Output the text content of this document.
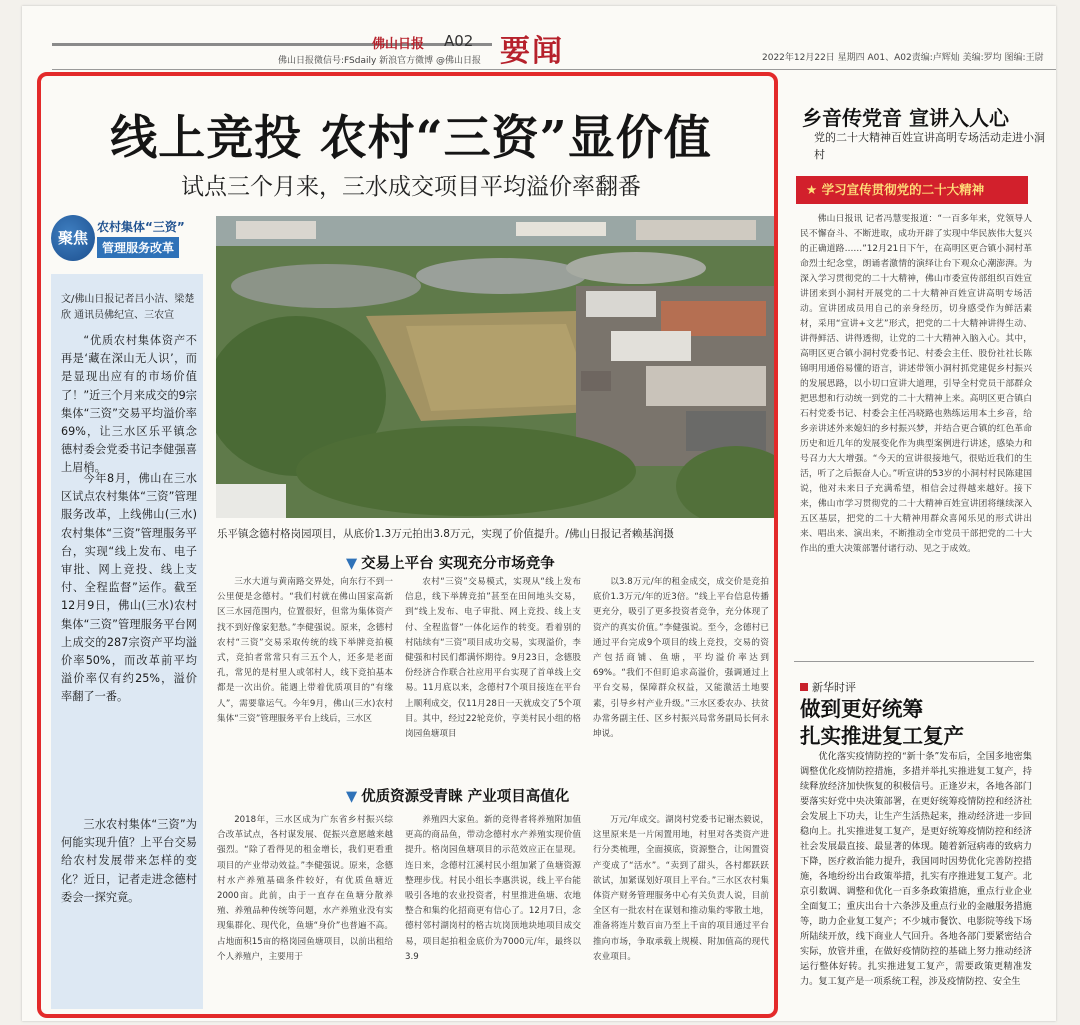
佛山日报 A02
佛山日报微信号:FSdaily 新浪官方微博 @佛山日报 要闻	2022年12月22日 星期四 A01、A02责编:卢辉灿 美编:罗均 图编:王尉
线上竞投 农村“三资”显价值
试点三个月来，三水成交项目平均溢价率翻番
聚焦
农村集体“三资”
管理服务改革
文/佛山日报记者吕小洁、梁楚欣 通讯员佛纪宣、三农宣
“优质农村集体资产不再是‘藏在深山无人识’，而是显现出应有的市场价值了！”近三个月来成交的9宗集体“三资”交易平均溢价率69%，让三水区乐平镇念德村委会党委书记李健强喜上眉梢。
今年8月，佛山在三水区试点农村集体“三资”管理服务改革，上线佛山(三水)农村集体“三资”管理服务平台，实现“线上发布、电子审批、网上竞投、线上支付、全程监督”运作。截至12月9日，佛山(三水)农村集体“三资”管理服务平台网上成交的287宗资产平均溢价率50%，而改革前平均溢价率仅有约25%，溢价率翻了一番。
三水农村集体“三资”为何能实现升值？上平台交易给农村发展带来怎样的变化？近日，记者走进念德村委会一探究竟。
乐平镇念德村格岗园项目，从底价1.3万元拍出3.8万元，实现了价值提升。/佛山日报记者赖基润摄
▼ 交易上平台 实现充分市场竞争
三水大道与黄南路交界处，向东行不到一公里便是念德村。“我们村就在佛山国家高新区三水园范围内，位置很好，但常为集体资产找不到好像家犯愁。”李健强说。原来，念德村农村“三资”交易采取传统的线下举牌竞拍模式，竞拍者常常只有三五个人，还多是老面孔，常见的是村里人或邻村人，线下竞拍基本都是一次出价。能遇上带着优质项目的“有缘人”，需要靠运气。今年9月，佛山(三水)农村集体“三资”管理服务平台上线后，三水区
农村“三资”交易模式，实现从“线上发布信息，线下举牌竞拍”甚至在田间地头交易，到“线上发布、电子审批、网上竞投、线上支付、全程监督”一体化运作的转变。看着别的村陆续有“三资”项目成功交易，实现溢价，李健强和村民们都满怀期待。9月23日，念德股份经济合作联合社应用平台实现了首单线上交易。11月底以来，念德村7个项目接连在平台上顺利成交，仅11月28日一天就成交了5个项目。其中，经过22轮竞价，亨美村民小组的格岗园鱼塘项目
以3.8万元/年的租金成交，成交价是竞拍底价1.3万元/年的近3倍。“线上平台信息传播更充分，吸引了更多投资者竞争，充分体现了资产的真实价值。”李健强说。至今，念德村已通过平台完成9个项目的线上竞投，交易的资产包括商铺、鱼塘，平均溢价率达到69%。“我们不但盯追求高溢价，强调通过上平台交易，保障群众权益，又能激活土地要素，引导乡村产业升级。”三水区委农办、扶贫办常务副主任、区乡村振兴局常务副局长何永坤说。
▼ 优质资源受青睐 产业项目高值化
2018年，三水区成为广东省乡村振兴综合改革试点，各村谋发展、促振兴意愿越来越强烈。“除了看得见的租金增长，我们更看重项目的产业带动效益。”李健强说。原来，念德村水产养殖基础条件较好，有优质鱼塘近2000亩。此前，由于一直存在鱼塘分散养殖、养殖品种传统等问题，水产养殖业没有实现集群化、现代化，鱼塘“身价”也普遍不高。占地面积15亩的格岗园鱼塘项目，以前出租给个人养殖户，主要用于
养殖四大家鱼。新的竞得者将养殖附加值更高的商品鱼，带动念德村水产养殖实现价值提升。格岗园鱼塘项目的示范效应正在显现。连日来，念德村江溪村民小组加紧了鱼塘资源整理步伐。村民小组长李惠洪说，线上平台能吸引各地的农业投资者，村里推进鱼塘、农地整合和集约化招商更有信心了。12月7日，念德村邻村湖岗村的格古坑岗顶地块地项目成交易，项目起拍租金底价为7000元/年，最终以3.9
万元/年成交。湖岗村党委书记谢杰毅说，这里原来是一片闲置用地，村里对各类资产进行分类梳理，全面摸底，资源整合，让闲置资产变成了“活水”。“卖到了甜头，各村都跃跃欲试，加紧谋划好项目上平台。”三水区农村集体资产财务管理服务中心有关负责人说，目前全区有一批农村在谋划和推动集约零散土地，准备将连片数百亩乃至上千亩的项目通过平台推向市场，争取承载上规模、附加值高的现代农业项目。
乡音传党音 宣讲入人心
党的二十大精神百姓宣讲高明专场活动走进小洞村
★ 学习宣传贯彻党的二十大精神
佛山日报讯 记者冯慧雯报道：“一百多年来，党领导人民不懈奋斗、不断进取，成功开辟了实现中华民族伟大复兴的正确道路……”12月21日下午，在高明区更合镇小洞村革命烈士纪念堂，朗诵者激情的演绎让台下观众心潮澎湃。为深入学习贯彻党的二十大精神，佛山市委宣传部组织百姓宣讲团来到小洞村开展党的二十大精神百姓宣讲高明专场活动。宣讲团成员用自己的亲身经历，切身感受作为鲜活素材，采用“宣讲+文艺”形式，把党的二十大精神讲得生动、讲得鲜活、讲得透彻，让党的二十大精神入脑入心。其中，高明区更合镇小洞村党委书记、村委会主任、股份社社长陈锦明用通俗易懂的语言，讲述带领小洞村抓党建促乡村振兴的发展思路，以小切口宣讲大道理，引导全村党员干部群众把思想和行动统一到党的二十大精神上来。高明区更合镇白石村党委书记、村委会主任冯晓路也熟练运用本土乡音，给乡亲讲述外来媳妇的乡村振兴梦，并结合更合镇的红色革命历史和近几年的发展变化作为典型案例进行讲述，感染力和号召力大大增强。“今天的宣讲很接地气，很贴近我们的生活，听了之后振奋人心。”听宣讲的53岁的小洞村村民陈建国说，他对未来日子充满希望，相信会过得越来越好。接下来，佛山市学习贯彻党的二十大精神百姓宣讲团将继续深入五区基层，把党的二十大精神用群众喜闻乐见的形式讲出来、唱出来、演出来，不断推动全市党员干部把党的二十大作出的重大决策部署付诸行动、见之于成效。
新华时评
做到更好统筹
扎实推进复工复产
优化落实疫情防控的“新十条”发布后，全国多地密集调整优化疫情防控措施，多措并举扎实推进复工复产，持续释放经济加快恢复的积极信号。正逢岁末，各地各部门要落实好党中央决策部署，在更好统筹疫情防控和经济社会发展上下功夫，让生产生活热起来，推动经济进一步回稳向上。扎实推进复工复产，是更好统筹疫情防控和经济社会发展最直接、最显著的体现。随着新冠病毒的致病力下降，医疗救治能力提升，我国同时因势优化完善防控措施，各地纷纷出台政策举措，扎实有序推进复工复产。北京引数调、调整和优化一百多条政策措施，重点行业企业全面复工；重庆出台十六条涉及重点行业的金融服务措施等，助力企业复工复产；不少城市餐饮、电影院等线下场所陆续开放，线下商业人气回升。各地各部门要紧密结合实际，放管并重，在做好疫情防控的基础上努力推动经济运行整体好转。扎实推进复工复产，需要政策更精准发力。复工复产是一项系统工程，涉及疫情防控、安全生
